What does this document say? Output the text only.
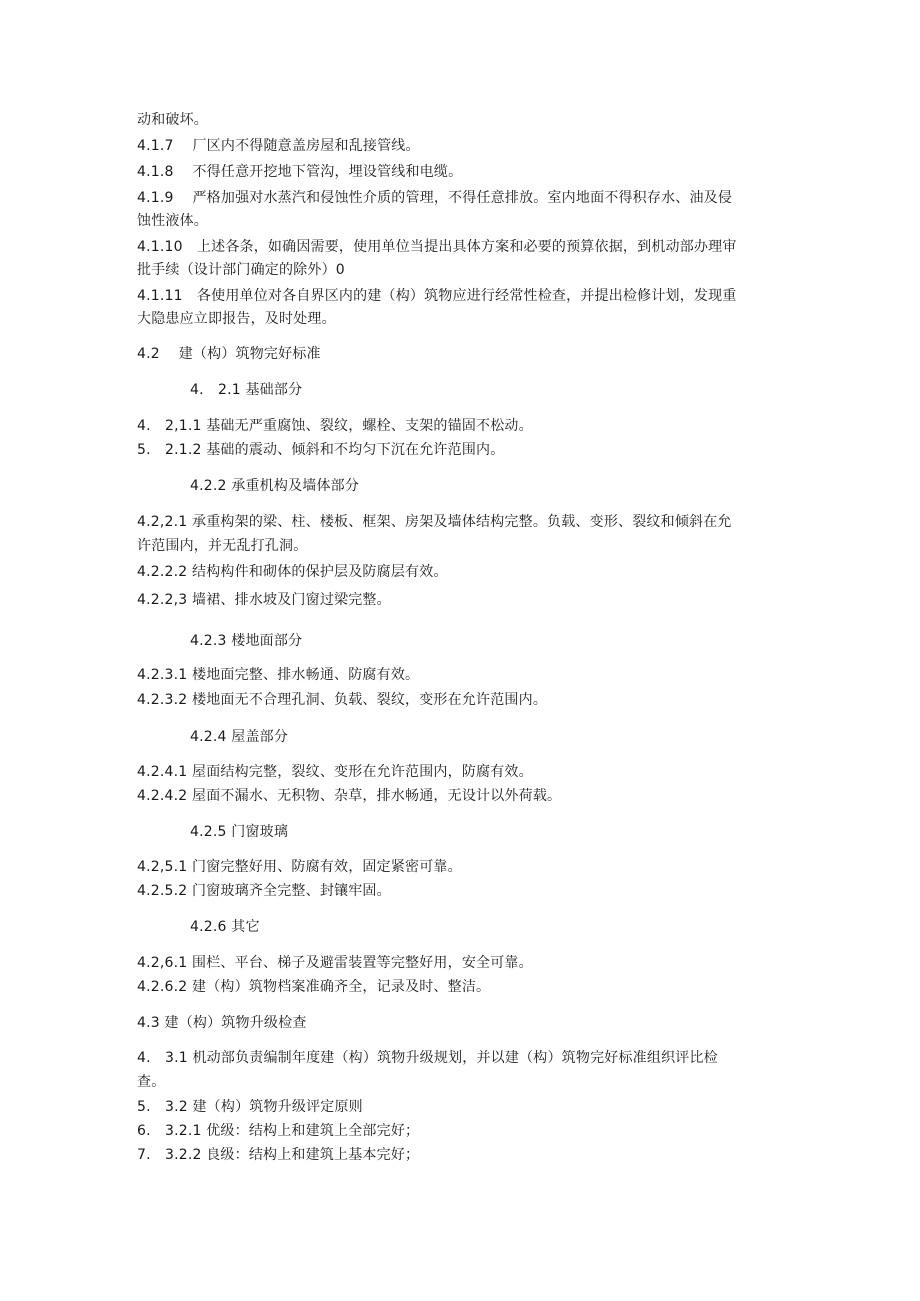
动和破坏。
4.1.7　 厂区内不得随意盖房屋和乱接管线。
4.1.8　 不得任意开挖地下管沟，埋设管线和电缆。
4.1.9　 严格加强对水蒸汽和侵蚀性介质的管理，不得任意排放。室内地面不得积存水、油及侵
蚀性液体。
4.1.10　上述各条，如确因需要，使用单位当提出具体方案和必要的预算依据，到机动部办理审
批手续（设计部门确定的除外）0
4.1.11　各使用单位对各自界区内的建（构）筑物应进行经常性检查，并提出检修计划，发现重
大隐患应立即报告，及时处理。
4.2　 建（构）筑物完好标准
4.　2.1 基础部分
4.　2,1.1 基础无严重腐蚀、裂纹，螺栓、支架的锚固不松动。
5.　2.1.2 基础的震动、倾斜和不均匀下沉在允许范围内。
4.2.2 承重机构及墙体部分
4.2,2.1 承重构架的梁、柱、楼板、框架、房架及墙体结构完整。负载、变形、裂纹和倾斜在允
许范围内，并无乱打孔洞。
4.2.2.2 结构构件和砌体的保护层及防腐层有效。
4.2.2,3 墙裙、排水坡及门窗过梁完整。
4.2.3 楼地面部分
4.2.3.1 楼地面完整、排水畅通、防腐有效。
4.2.3.2 楼地面无不合理孔洞、负载、裂纹，变形在允许范围内。
4.2.4 屋盖部分
4.2.4.1 屋面结构完整，裂纹、变形在允许范围内，防腐有效。
4.2.4.2 屋面不漏水、无积物、杂草，排水畅通，无设计以外荷载。
4.2.5 门窗玻璃
4.2,5.1 门窗完整好用、防腐有效，固定紧密可靠。
4.2.5.2 门窗玻璃齐全完整、封镶牢固。
4.2.6 其它
4.2,6.1 围栏、平台、梯子及避雷装置等完整好用，安全可靠。
4.2.6.2 建（构）筑物档案准确齐全，记录及时、整洁。
4.3 建（构）筑物升级检查
4.　3.1 机动部负责编制年度建（构）筑物升级规划，并以建（构）筑物完好标准组织评比检
查。
5.　3.2 建（构）筑物升级评定原则
6.　3.2.1 优级：结构上和建筑上全部完好；
7.　3.2.2 良级：结构上和建筑上基本完好；
